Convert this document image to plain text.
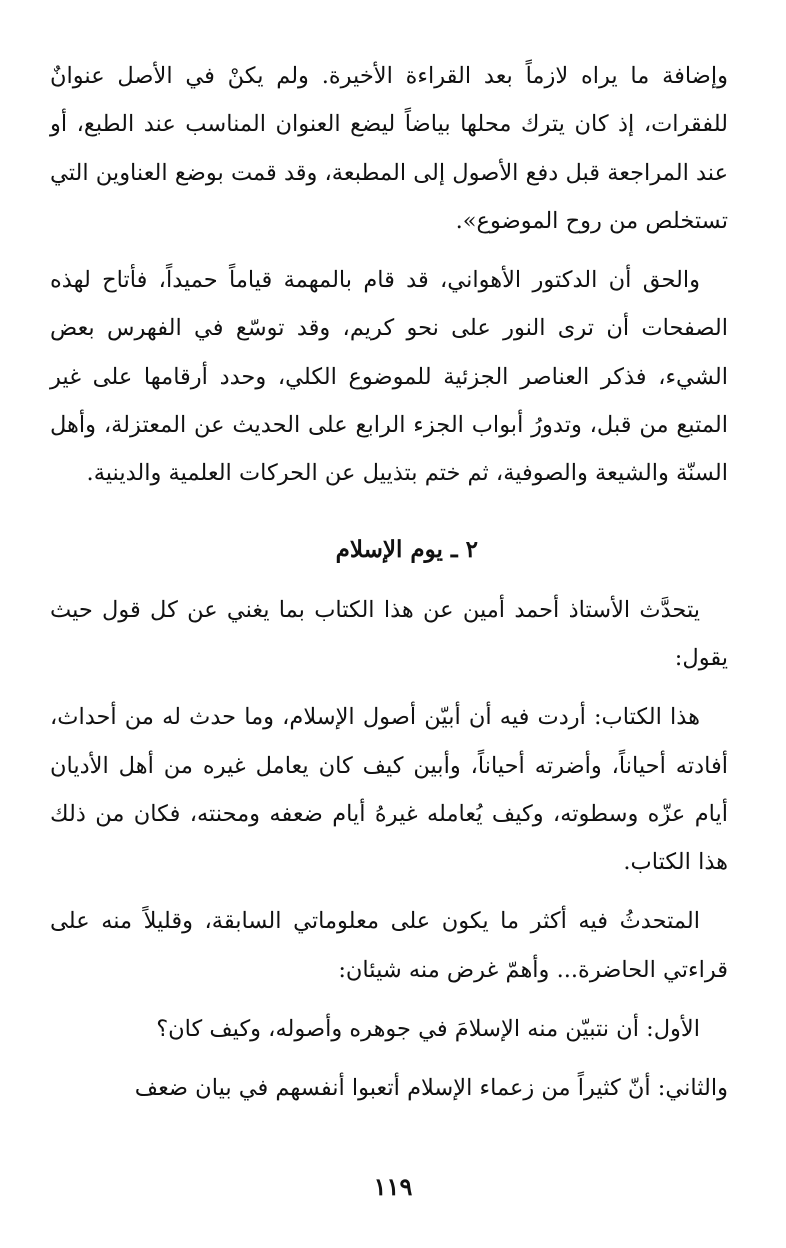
وإضافة ما يراه لازماً بعد القراءة الأخيرة. ولم يكنْ في الأصل عنوانٌ للفقرات، إذ كان يترك محلها بياضاً ليضع العنوان المناسب عند الطبع، أو عند المراجعة قبل دفع الأصول إلى المطبعة، وقد قمت بوضع العناوين التي تستخلص من روح الموضوع».

والحق أن الدكتور الأهواني، قد قام بالمهمة قياماً حميداً، فأتاح لهذه الصفحات أن ترى النور على نحو كريم، وقد توسّع في الفهرس بعض الشيء، فذكر العناصر الجزئية للموضوع الكلي، وحدد أرقامها على غير المتبع من قبل، وتدورُ أبواب الجزء الرابع على الحديث عن المعتزلة، وأهل السنّة والشيعة والصوفية، ثم ختم بتذييل عن الحركات العلمية والدينية.

٢ ـ يوم الإسلام

يتحدَّث الأستاذ أحمد أمين عن هذا الكتاب بما يغني عن كل قول حيث يقول:

هذا الكتاب: أردت فيه أن أبيّن أصول الإسلام، وما حدث له من أحداث، أفادته أحياناً، وأضرته أحياناً، وأبين كيف كان يعامل غيره من أهل الأديان أيام عزّه وسطوته، وكيف يُعامله غيرهُ أيام ضعفه ومحنته، فكان من ذلك هذا الكتاب.

المتحدثُ فيه أكثر ما يكون على معلوماتي السابقة، وقليلاً منه على قراءتي الحاضرة... وأهمّ غرض منه شيئان:

الأول: أن نتبيّن منه الإسلامَ في جوهره وأصوله، وكيف كان؟

والثاني: أنّ كثيراً من زعماء الإسلام أتعبوا أنفسهم في بيان ضعف

١١٩
